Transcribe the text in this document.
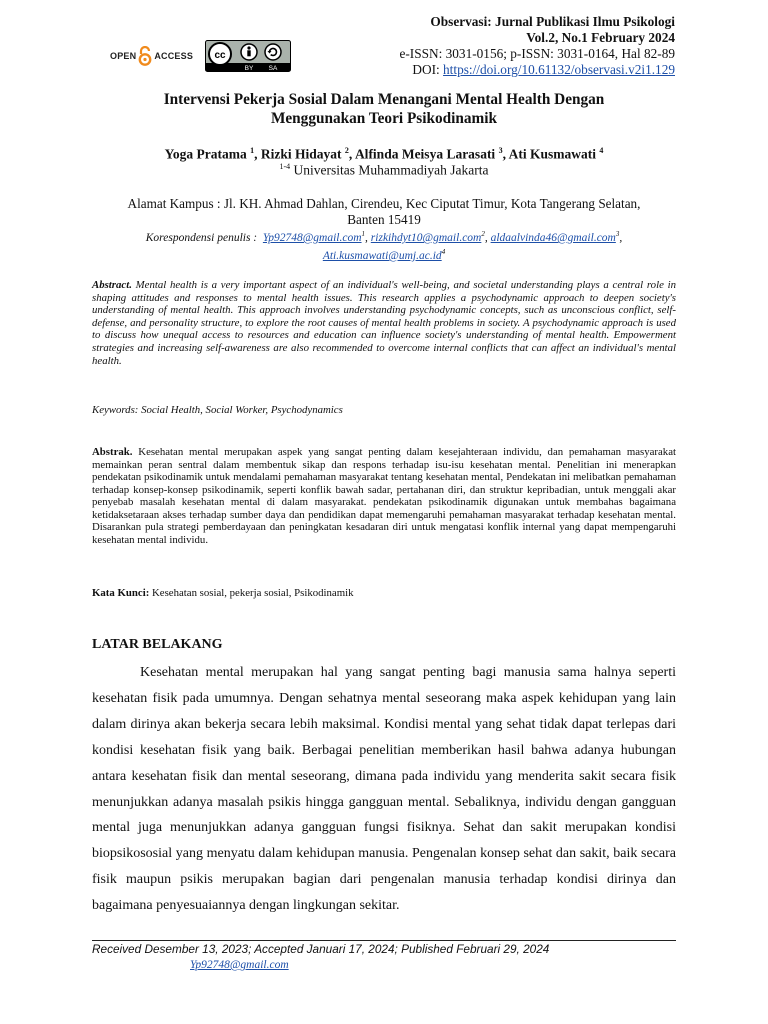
OPEN ACCESS cc
BY SA
Observasi: Jurnal Publikasi Ilmu Psikologi
Vol.2, No.1 February 2024
e-ISSN: 3031-0156; p-ISSN: 3031-0164, Hal 82-89
DOI: https://doi.org/10.61132/observasi.v2i1.129
Intervensi Pekerja Sosial Dalam Menangani Mental Health Dengan
Menggunakan Teori Psikodinamik
Yoga Pratama $^1$, Rizki Hidayat $^2$, Alfinda Meisya Larasati $^3$, Ati Kusmawati $^4$
$^{1-4}$ Universitas Muhammadiyah Jakarta
Alamat Kampus : Jl. KH. Ahmad Dahlan, Cirendeu, Kec Ciputat Timur, Kota Tangerang Selatan,
Banten 15419
Korespondensi penulis : Yp92748@gmail.com$^1$, rizkihdyt10@gmail.com$^2$, aldaalvinda46@gmail.com$^3$,
$Ati.kusmawati@umj.ac.id^4$
Abstract. Mental health is a very important aspect of an individual's well-being, and societal understanding plays a central role in shaping attitudes and responses to mental health issues. This research applies a psychodynamic approach to deepen society's understanding of mental health. This approach involves understanding psychodynamic concepts, such as unconscious conflict, self-defense, and personality structure, to explore the root causes of mental health problems in society. A psychodynamic approach is used to discuss how unequal access to resources and education can influence society's understanding of mental health. Empowerment strategies and increasing self-awareness are also recommended to overcome internal conflicts that can affect an individual's mental health.
Keywords: Social Health, Social Worker, Psychodynamics
Abstrak. Kesehatan mental merupakan aspek yang sangat penting dalam kesejahteraan individu, dan pemahaman masyarakat memainkan peran sentral dalam membentuk sikap dan respons terhadap isu-isu kesehatan mental. Penelitian ini menerapkan pendekatan psikodinamik untuk mendalami pemahaman masyarakat tentang kesehatan mental, Pendekatan ini melibatkan pemahaman terhadap konsep-konsep psikodinamik, seperti konflik bawah sadar, pertahanan diri, dan struktur kepribadian, untuk menggali akar penyebab masalah kesehatan mental di dalam masyarakat. pendekatan psikodinamik digunakan untuk membahas bagaimana ketidaksetaraan akses terhadap sumber daya dan pendidikan dapat memengaruhi pemahaman masyarakat terhadap kesehatan mental. Disarankan pula strategi pemberdayaan dan peningkatan kesadaran diri untuk mengatasi konflik internal yang dapat mempengaruhi kesehatan mental individu.
Kata Kunci: Kesehatan sosial, pekerja sosial, Psikodinamik
LATAR BELAKANG

Kesehatan mental merupakan hal yang sangat penting bagi manusia sama halnya seperti kesehatan fisik pada umumnya. Dengan sehatnya mental seseorang maka aspek kehidupan yang lain dalam dirinya akan bekerja secara lebih maksimal. Kondisi mental yang sehat tidak dapat terlepas dari kondisi kesehatan fisik yang baik. Berbagai penelitian memberikan hasil bahwa adanya hubungan antara kesehatan fisik dan mental seseorang, dimana pada individu yang menderita sakit secara fisik menunjukkan adanya masalah psikis hingga gangguan mental. Sebaliknya, individu dengan gangguan mental juga menunjukkan adanya gangguan fungsi fisiknya. Sehat dan sakit merupakan kondisi biopsikososial yang menyatu dalam kehidupan manusia. Pengenalan konsep sehat dan sakit, baik secara fisik maupun psikis merupakan bagian dari pengenalan manusia terhadap kondisi dirinya dan bagaimana penyesuaiannya dengan lingkungan sekitar.

Received Desember 13, 2023; Accepted Januari 17, 2024; Published Februari 29, 2024
Yp92748@gmail.com
